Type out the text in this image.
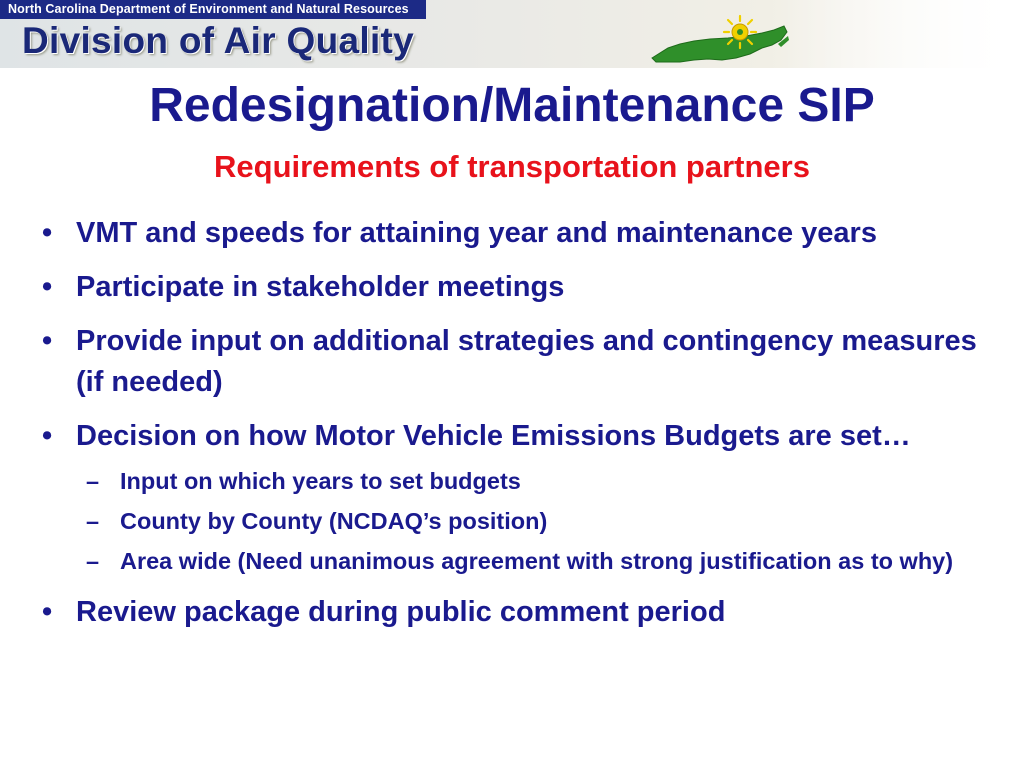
North Carolina Department of Environment and Natural Resources
Division of Air Quality
Redesignation/Maintenance SIP
Requirements of transportation partners
• VMT and speeds for attaining year and maintenance years
• Participate in stakeholder meetings
• Provide input on additional strategies and contingency measures (if needed)
• Decision on how Motor Vehicle Emissions Budgets are set…
– Input on which years to set budgets
– County by County (NCDAQ’s position)
– Area wide (Need unanimous agreement with strong justification as to why)
• Review package during public comment period
